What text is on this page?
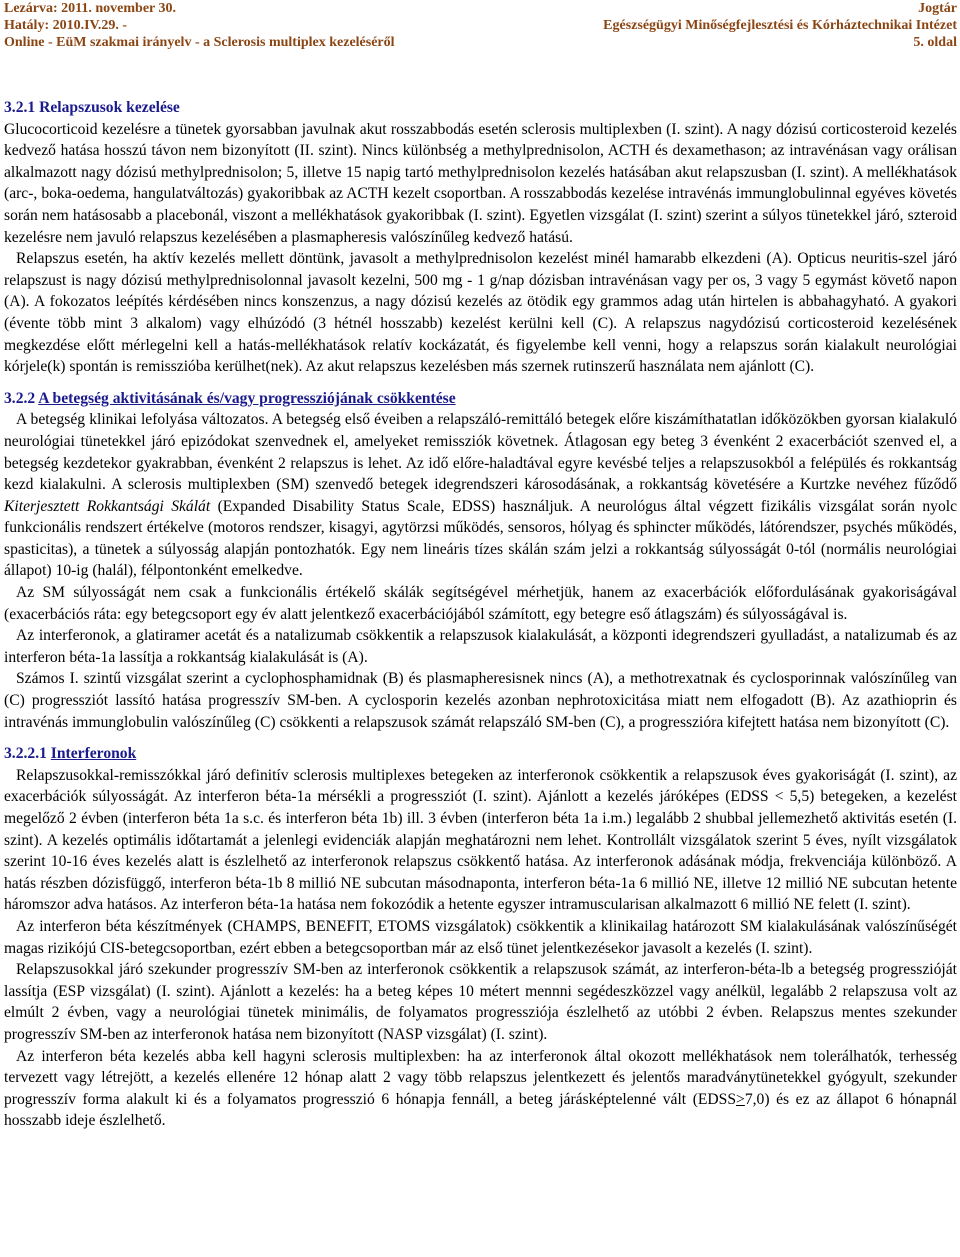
Lezárva: 2011. november 30.	Jogtár
Hatály: 2010.IV.29. -	Egészségügyi Minőségfejlesztési és Kórháztechnikai Intézet
Online - EüM szakmai irányelv - a Sclerosis multiplex kezeléséről	5. oldal
3.2.1 Relapszusok kezelése

Glucocorticoid kezelésre a tünetek gyorsabban javulnak akut rosszabbodás esetén sclerosis multiplexben (I. szint). A nagy dózisú corticosteroid kezelés kedvező hatása hosszú távon nem bizonyított (II. szint). Nincs különbség a methylprednisolon, ACTH és dexamethason; az intravénásan vagy orálisan alkalmazott nagy dózisú methylprednisolon; 5, illetve 15 napig tartó methylprednisolon kezelés hatásában akut relapszusban (I. szint). A mellékhatások (arc-, boka-oedema, hangulatváltozás) gyakoribbak az ACTH kezelt csoportban. A rosszabbodás kezelése intravénás immunglobulinnal egyéves követés során nem hatásosabb a placebonál, viszont a mellékhatások gyakoribbak (I. szint). Egyetlen vizsgálat (I. szint) szerint a súlyos tünetekkel járó, szteroid kezelésre nem javuló relapszus kezelésében a plasmapheresis valószínűleg kedvező hatású.

Relapszus esetén, ha aktív kezelés mellett döntünk, javasolt a methylprednisolon kezelést minél hamarabb elkezdeni (A). Opticus neuritis-szel járó relapszust is nagy dózisú methylprednisolonnal javasolt kezelni, 500 mg - 1 g/nap dózisban intravénásan vagy per os, 3 vagy 5 egymást követő napon (A). A fokozatos leépítés kérdésében nincs konszenzus, a nagy dózisú kezelés az ötödik egy grammos adag után hirtelen is abbahagyható. A gyakori (évente több mint 3 alkalom) vagy elhúzódó (3 hétnél hosszabb) kezelést kerülni kell (C). A relapszus nagydózisú corticosteroid kezelésének megkezdése előtt mérlegelni kell a hatás-mellékhatások relatív kockázatát, és figyelembe kell venni, hogy a relapszus során kialakult neurológiai kórjele(k) spontán is remisszióba kerülhet(nek). Az akut relapszus kezelésben más szernek rutinszerű használata nem ajánlott (C).

3.2.2 A betegség aktivitásának és/vagy progressziójának csökkentése

A betegség klinikai lefolyása változatos. A betegség első éveiben a relapszáló-remittáló betegek előre kiszámíthatatlan időközökben gyorsan kialakuló neurológiai tünetekkel járó epizódokat szenvednek el, amelyeket remissziók követnek. Átlagosan egy beteg 3 évenként 2 exacerbációt szenved el, a betegség kezdetekor gyakrabban, évenként 2 relapszus is lehet. Az idő előre-haladtával egyre kevésbé teljes a relapszusokból a felépülés és rokkantság kezd kialakulni. A sclerosis multiplexben (SM) szenvedő betegek idegrendszeri károsodásának, a rokkantság követésére a Kurtzke nevéhez fűződő Kiterjesztett Rokkantsági Skálát (Expanded Disability Status Scale, EDSS) használjuk. A neurológus által végzett fizikális vizsgálat során nyolc funkcionális rendszert értékelve (motoros rendszer, kisagyi, agytörzsi működés, sensoros, hólyag és sphincter működés, látórendszer, psychés működés, spasticitas), a tünetek a súlyosság alapján pontozhatók. Egy nem lineáris tízes skálán szám jelzi a rokkantság súlyosságát 0-tól (normális neurológiai állapot) 10-ig (halál), félpontonként emelkedve.

Az SM súlyosságát nem csak a funkcionális értékelő skálák segítségével mérhetjük, hanem az exacerbációk előfordulásának gyakoriságával (exacerbációs ráta: egy betegcsoport egy év alatt jelentkező exacerbációjából számított, egy betegre eső átlagszám) és súlyosságával is.

Az interferonok, a glatiramer acetát és a natalizumab csökkentik a relapszusok kialakulását, a központi idegrendszeri gyulladást, a natalizumab és az interferon béta-1a lassítja a rokkantság kialakulását is (A).

Számos I. szintű vizsgálat szerint a cyclophosphamidnak (B) és plasmapheresisnek nincs (A), a methotrexatnak és cyclosporinnak valószínűleg van (C) progressziót lassító hatása progresszív SM-ben. A cyclosporin kezelés azonban nephrotoxicitása miatt nem elfogadott (B). Az azathioprin és intravénás immunglobulin valószínűleg (C) csökkenti a relapszusok számát relapszáló SM-ben (C), a progresszióra kifejtett hatása nem bizonyított (C).

3.2.2.1 Interferonok

Relapszusokkal-remisszókkal járó definitív sclerosis multiplexes betegeken az interferonok csökkentik a relapszusok éves gyakoriságát (I. szint), az exacerbációk súlyosságát. Az interferon béta-1a mérsékli a progressziót (I. szint). Ajánlott a kezelés járóképes (EDSS < 5,5) betegeken, a kezelést megelőző 2 évben (interferon béta 1a s.c. és interferon béta 1b) ill. 3 évben (interferon béta 1a i.m.) legalább 2 shubbal jellemezhető aktivitás esetén (I. szint). A kezelés optimális időtartamát a jelenlegi evidenciák alapján meghatározni nem lehet. Kontrollált vizsgálatok szerint 5 éves, nyílt vizsgálatok szerint 10-16 éves kezelés alatt is észlelhető az interferonok relapszus csökkentő hatása. Az interferonok adásának módja, frekvenciája különböző. A hatás részben dózisfüggő, interferon béta-1b 8 millió NE subcutan másodnaponta, interferon béta-1a 6 millió NE, illetve 12 millió NE subcutan hetente háromszor adva hatásos. Az interferon béta-1a hatása nem fokozódik a hetente egyszer intramuscularisan alkalmazott 6 millió NE felett (I. szint).

Az interferon béta készítmények (CHAMPS, BENEFIT, ETOMS vizsgálatok) csökkentik a klinikailag határozott SM kialakulásának valószínűségét magas rizikójú CIS-betegcsoportban, ezért ebben a betegcsoportban már az első tünet jelentkezésekor javasolt a kezelés (I. szint).

Relapszusokkal járó szekunder progresszív SM-ben az interferonok csökkentik a relapszusok számát, az interferon-béta-lb a betegség progresszióját lassítja (ESP vizsgálat) (I. szint). Ajánlott a kezelés: ha a beteg képes 10 métert mennni segédeszközzel vagy anélkül, legalább 2 relapszusa volt az elmúlt 2 évben, vagy a neurológiai tünetek minimális, de folyamatos progressziója észlelhető az utóbbi 2 évben. Relapszus mentes szekunder progresszív SM-ben az interferonok hatása nem bizonyított (NASP vizsgálat) (I. szint).

Az interferon béta kezelés abba kell hagyni sclerosis multiplexben: ha az interferonok által okozott mellékhatások nem tolerálhatók, terhesség tervezett vagy létrejött, a kezelés ellenére 12 hónap alatt 2 vagy több relapszus jelentkezett és jelentős maradványtünetekkel gyógyult, szekunder progresszív forma alakult ki és a folyamatos progresszió 6 hónapja fennáll, a beteg járásképtelenné vált (EDSS>7,0) és ez az állapot 6 hónapnál hosszabb ideje észlelhető.
